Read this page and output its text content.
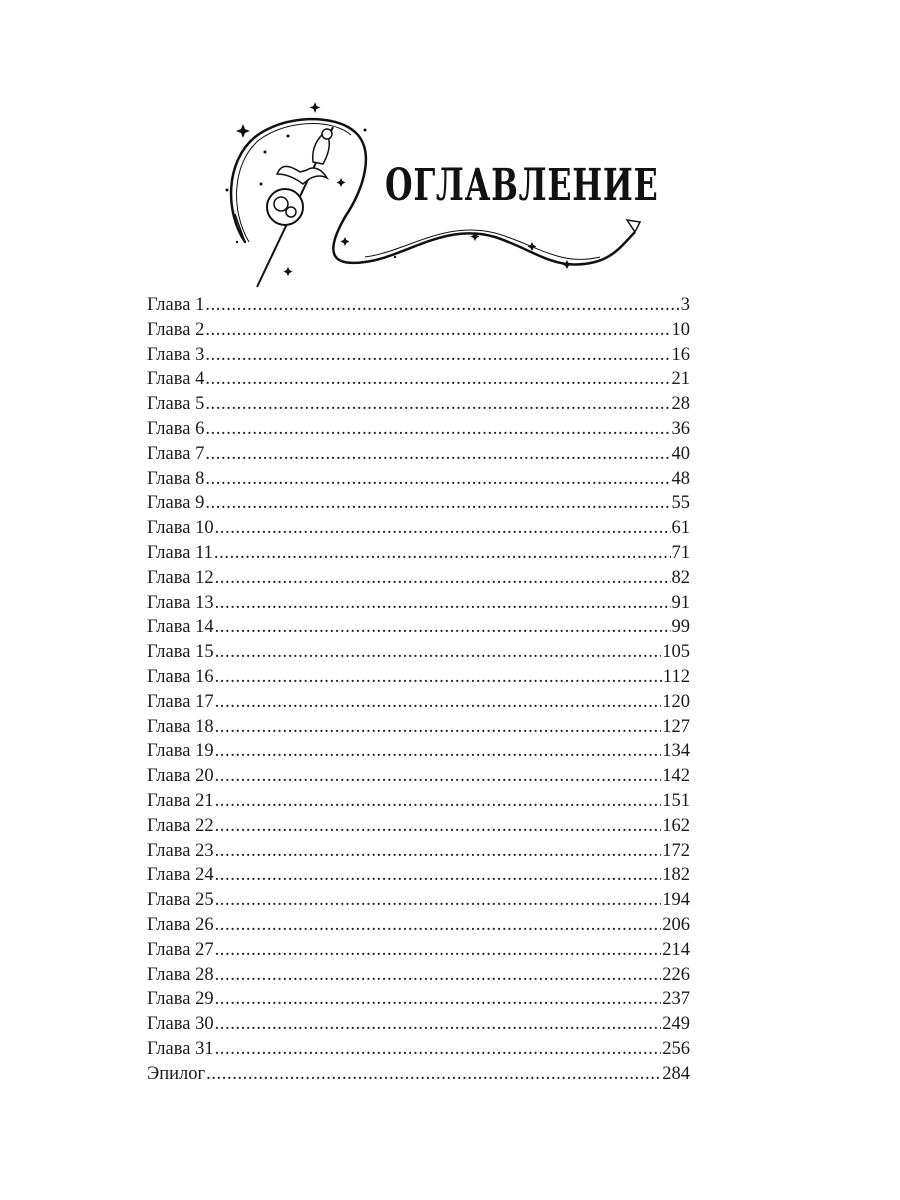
ОГЛАВЛЕНИЕ
Глава 1 .....	3
Глава 2 .....	10
Глава 3 .....	16
Глава 4 .....	21
Глава 5 .....	28
Глава 6 .....	36
Глава 7 .....	40
Глава 8 .....	48
Глава 9 .....	55
Глава 10 .....	61
Глава 11 .....	71
Глава 12 .....	82
Глава 13 .....	91
Глава 14 .....	99
Глава 15 .....	105
Глава 16 .....	112
Глава 17 .....	120
Глава 18 .....	127
Глава 19 .....	134
Глава 20 .....	142
Глава 21 .....	151
Глава 22 .....	162
Глава 23 .....	172
Глава 24 .....	182
Глава 25 .....	194
Глава 26 .....	206
Глава 27 .....	214
Глава 28 .....	226
Глава 29 .....	237
Глава 30 .....	249
Глава 31 .....	256
Эпилог .....	284
